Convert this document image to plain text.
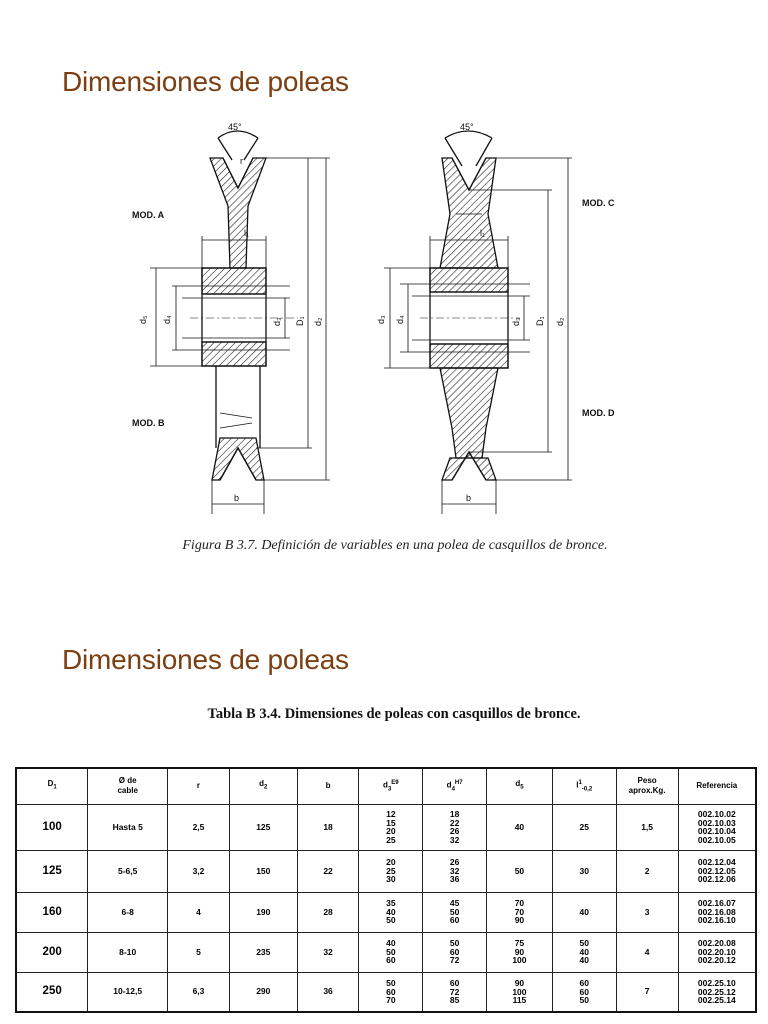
Dimensiones de poleas
MOD. A
MOD. B
MOD. C
MOD. D
45°	45°
r
l₁	l₁
b	b
d₅ d₄	d₃ D₁ d₂	d₃ d₄	d₃ D₁ d₂
Figura B 3.7. Definición de variables en una polea de casquillos de bronce.
Dimensiones de poleas
Tabla B 3.4. Dimensiones de poleas con casquillos de bronce.
$D_1$	Ø de cable	r	$d_2$	b	$d_3^{E9}$	$d_4^{H7}$	$d_5$	$l^1_{-0,2}$	Peso aprox.Kg.	Referencia
100	Hasta 5	2,5	125	18	12
15
20
25	18
22
26
32	40	25	1,5	002.10.02
002.10.03
002.10.04
002.10.05

125	5-6,5	3,2	150	22	20
25
30	26
32
36	50	30	2	002.12.04
002.12.05
002.12.06

160	6-8	4	190	28	35
40
50	45
50
60	70
70
90	40	3	002.16.07
002.16.08
002.16.10

200	8-10	5	235	32	40
50
60	50
60
72	75
90
100	50
40
40	4	002.20.08
002.20.10
002.20.12

250	10-12,5	6,3	290	36	50
60
70	60
72
85	90
100
115	60
60
50	7	002.25.10
002.25.12
002.25.14
